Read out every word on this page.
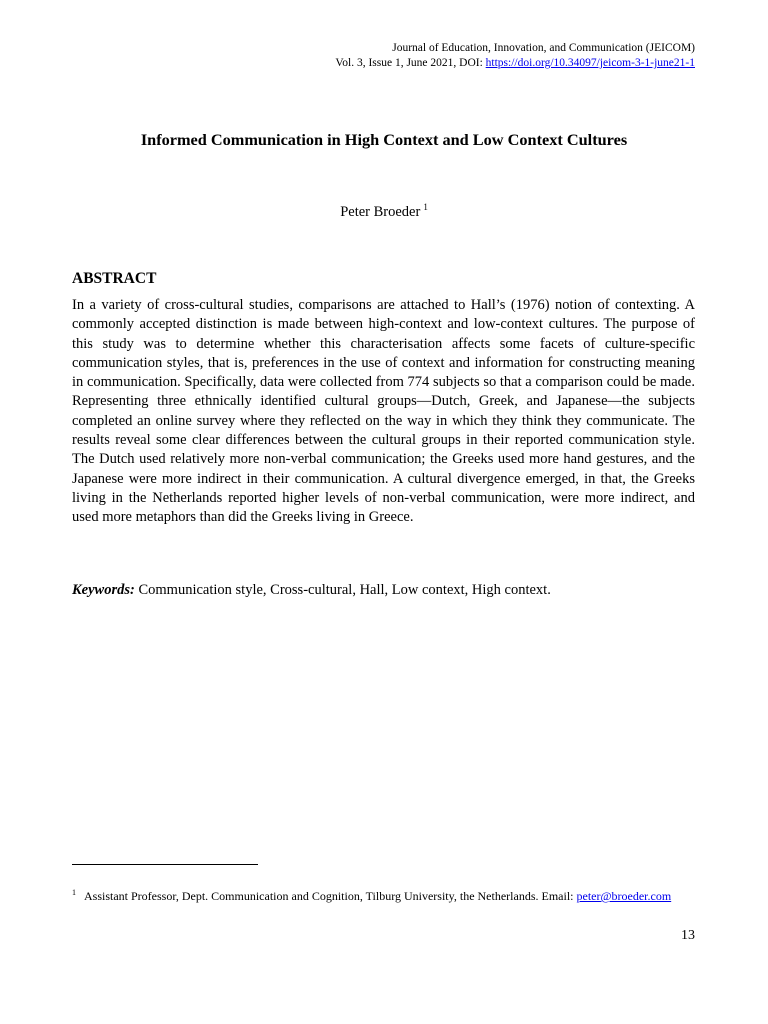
Journal of Education, Innovation, and Communication (JEICOM)
Vol. 3, Issue 1, June 2021, DOI: https://doi.org/10.34097/jeicom-3-1-june21-1
Informed Communication in High Context and Low Context Cultures
Peter Broeder $^1$
ABSTRACT
In a variety of cross-cultural studies, comparisons are attached to Hall’s (1976) notion of contexting. A commonly accepted distinction is made between high-context and low-context cultures. The purpose of this study was to determine whether this characterisation affects some facets of culture-specific communication styles, that is, preferences in the use of context and information for constructing meaning in communication. Specifically, data were collected from 774 subjects so that a comparison could be made. Representing three ethnically identified cultural groups—Dutch, Greek, and Japanese—the subjects completed an online survey where they reflected on the way in which they think they communicate. The results reveal some clear differences between the cultural groups in their reported communication style. The Dutch used relatively more non-verbal communication; the Greeks used more hand gestures, and the Japanese were more indirect in their communication. A cultural divergence emerged, in that, the Greeks living in the Netherlands reported higher levels of non-verbal communication, were more indirect, and used more metaphors than did the Greeks living in Greece.
Keywords: Communication style, Cross-cultural, Hall, Low context, High context.
$^1$ Assistant Professor, Dept. Communication and Cognition, Tilburg University, the Netherlands. Email: peter@broeder.com
13
